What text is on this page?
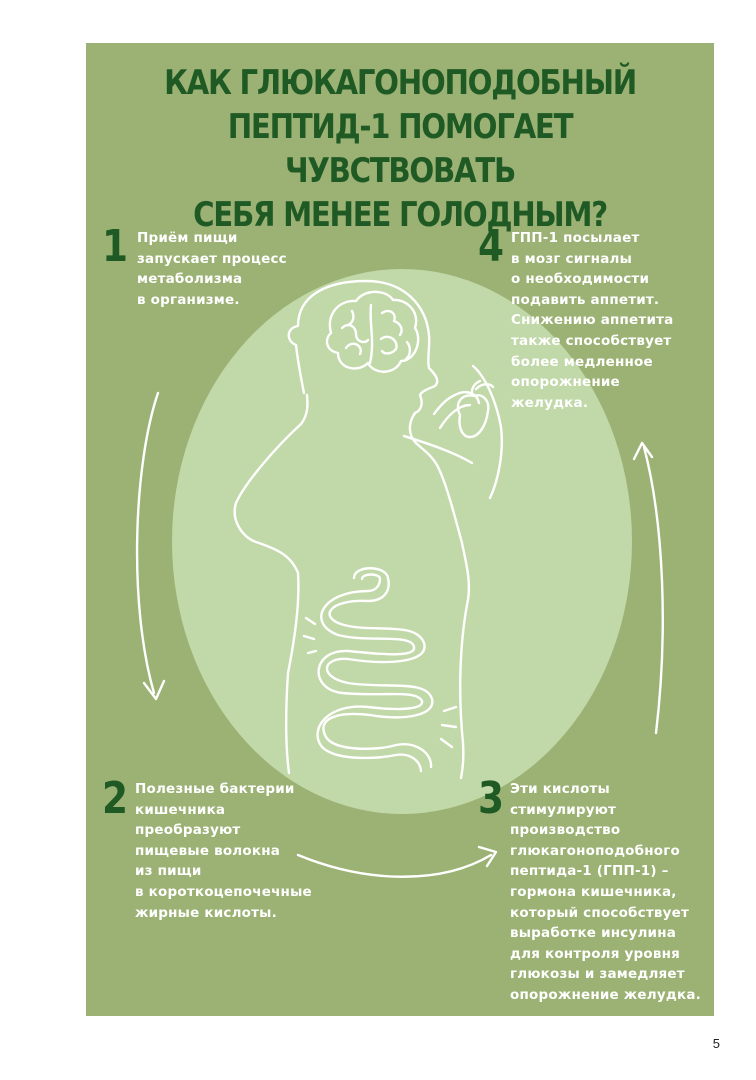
КАК ГЛЮКАГОНОПОДОБНЫЙ
ПЕПТИД-1 ПОМОГАЕТ ЧУВСТВОВАТЬ
СЕБЯ МЕНЕЕ ГОЛОДНЫМ?
1 Приём пищи
запускает процесс
метаболизма
в организме.
4 ГПП-1 посылает
в мозг сигналы
о необходимости
подавить аппетит.
Снижению аппетита
также способствует
более медленное
опорожнение
желудка.
2 Полезные бактерии
кишечника
преобразуют
пищевые волокна
из пищи
в короткоцепочечные
жирные кислоты.
3 Эти кислоты
стимулируют
производство
глюкагоноподобного
пептида-1 (ГПП-1) –
гормона кишечника,
который способствует
выработке инсулина
для контроля уровня
глюкозы и замедляет
опорожнение желудка.
5
